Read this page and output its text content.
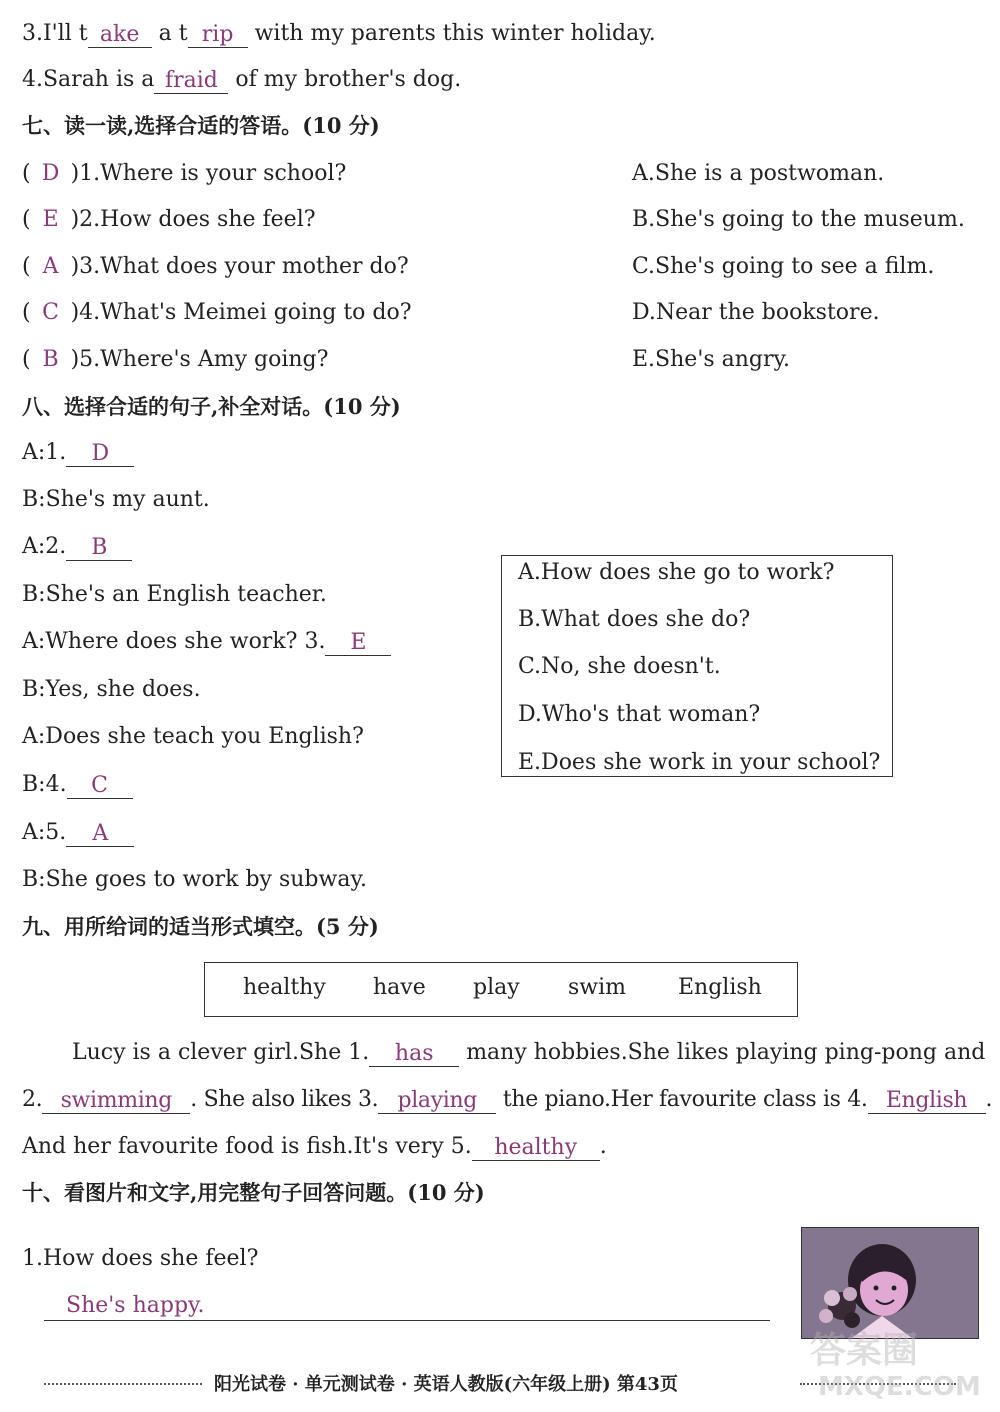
3.I'll t ake a t rip with my parents this winter holiday.
4.Sarah is a fraid of my brother's dog.
七、读一读,选择合适的答语。(10 分)
( D )1.Where is your school?
( E )2.How does she feel?
( A )3.What does your mother do?
( C )4.What's Meimei going to do?
( B )5.Where's Amy going?
A.She is a postwoman.
B.She's going to the museum.
C.She's going to see a film.
D.Near the bookstore.
E.She's angry.
八、选择合适的句子,补全对话。(10 分)
A:1. D
B:She's my aunt.
A:2. B
B:She's an English teacher.
A:Where does she work? 3. E
B:Yes, she does.
A:Does she teach you English?
B:4. C
A:5. A
B:She goes to work by subway.
A.How does she go to work?
B.What does she do?
C.No, she doesn't.
D.Who's that woman?
E.Does she work in your school?
九、用所给词的适当形式填空。(5 分)
healthy have play swim English
Lucy is a clever girl.She 1. has many hobbies.She likes playing ping-pong and
2. swimming . She also likes 3. playing the piano.Her favourite class is 4. English .
And her favourite food is fish.It's very 5. healthy .
十、看图片和文字,用完整句子回答问题。(10 分)
1.How does she feel?
She's happy.
阳光试卷 · 单元测试卷 · 英语人教版(六年级上册) 第43页
答案圈
MXQE.COM
